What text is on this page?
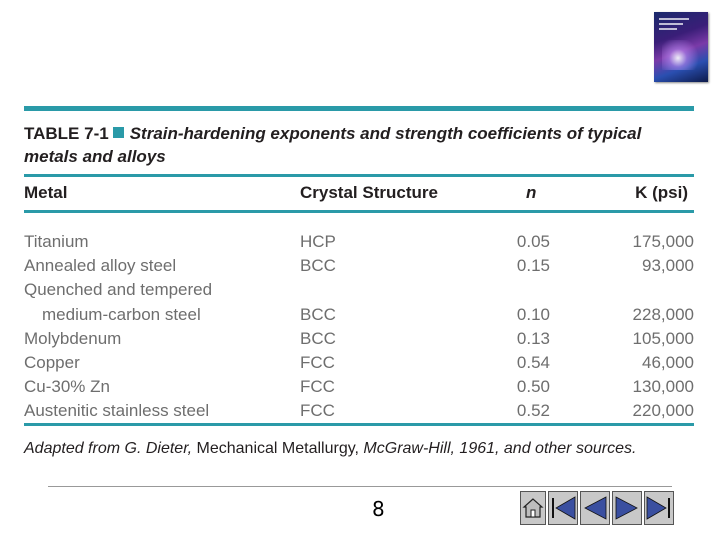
TABLE 7-1 Strain-hardening exponents and strength coefficients of typical
metals and alloys
Metal	Crystal Structure	n	K (psi)
Titanium	HCP	0.05	175,000
Annealed alloy steel	BCC	0.15	93,000
Quenched and tempered
medium-carbon steel	BCC	0.10	228,000
Molybdenum	BCC	0.13	105,000
Copper	FCC	0.54	46,000
Cu-30% Zn	FCC	0.50	130,000
Austenitic stainless steel	FCC	0.52	220,000
Adapted from G. Dieter, Mechanical Metallurgy, McGraw-Hill, 1961, and other sources.
8
